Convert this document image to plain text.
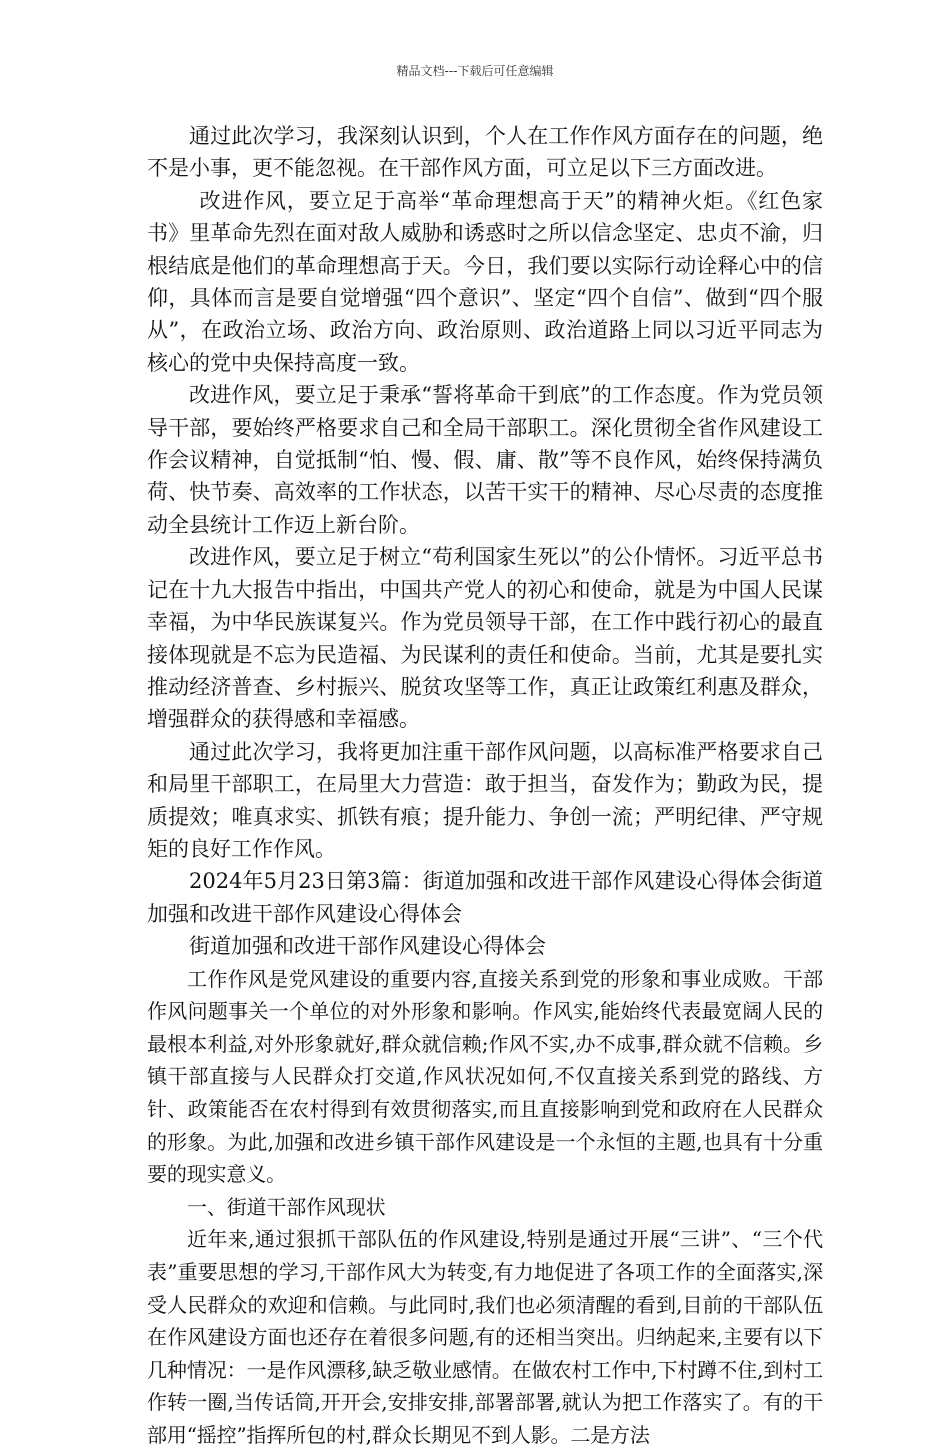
精品文档---下载后可任意编辑

通过此次学习，我深刻认识到，个人在工作作风方面存在的问题，绝不是小事，更不能忽视。在干部作风方面，可立足以下三方面改进。

改进作风，要立足于高举“革命理想高于天”的精神火炬。《红色家书》里革命先烈在面对敌人威胁和诱惑时之所以信念坚定、忠贞不渝，归根结底是他们的革命理想高于天。今日，我们要以实际行动诠释心中的信仰，具体而言是要自觉增强“四个意识”、坚定“四个自信”、做到“四个服从”，在政治立场、政治方向、政治原则、政治道路上同以习近平同志为核心的党中央保持高度一致。

改进作风，要立足于秉承“誓将革命干到底”的工作态度。作为党员领导干部，要始终严格要求自己和全局干部职工。深化贯彻全省作风建设工作会议精神，自觉抵制“怕、慢、假、庸、散”等不良作风，始终保持满负荷、快节奏、高效率的工作状态，以苦干实干的精神、尽心尽责的态度推动全县统计工作迈上新台阶。

改进作风，要立足于树立“苟利国家生死以”的公仆情怀。习近平总书记在十九大报告中指出，中国共产党人的初心和使命，就是为中国人民谋幸福，为中华民族谋复兴。作为党员领导干部，在工作中践行初心的最直接体现就是不忘为民造福、为民谋利的责任和使命。当前，尤其是要扎实推动经济普查、乡村振兴、脱贫攻坚等工作，真正让政策红利惠及群众，增强群众的获得感和幸福感。

通过此次学习，我将更加注重干部作风问题，以高标准严格要求自己和局里干部职工，在局里大力营造：敢于担当，奋发作为；勤政为民，提质提效；唯真求实、抓铁有痕；提升能力、争创一流；严明纪律、严守规矩的良好工作作风。

2024年5月23日第3篇：街道加强和改进干部作风建设心得体会街道加强和改进干部作风建设心得体会

街道加强和改进干部作风建设心得体会

工作作风是党风建设的重要内容,直接关系到党的形象和事业成败。干部作风问题事关一个单位的对外形象和影响。作风实,能始终代表最宽阔人民的最根本利益,对外形象就好,群众就信赖;作风不实,办不成事,群众就不信赖。乡镇干部直接与人民群众打交道,作风状况如何,不仅直接关系到党的路线、方针、政策能否在农村得到有效贯彻落实,而且直接影响到党和政府在人民群众的形象。为此,加强和改进乡镇干部作风建设是一个永恒的主题,也具有十分重要的现实意义。

一、街道干部作风现状

近年来,通过狠抓干部队伍的作风建设,特别是通过开展“三讲”、“三个代表”重要思想的学习,干部作风大为转变,有力地促进了各项工作的全面落实,深受人民群众的欢迎和信赖。与此同时,我们也必须清醒的看到,目前的干部队伍在作风建设方面也还存在着很多问题,有的还相当突出。归纳起来,主要有以下几种情况：一是作风漂移,缺乏敬业感情。在做农村工作中,下村蹲不住,到村工作转一圈,当传话筒,开开会,安排安排,部署部署,就认为把工作落实了。有的干部用“摇控”指挥所包的村,群众长期见不到人影。二是方法
